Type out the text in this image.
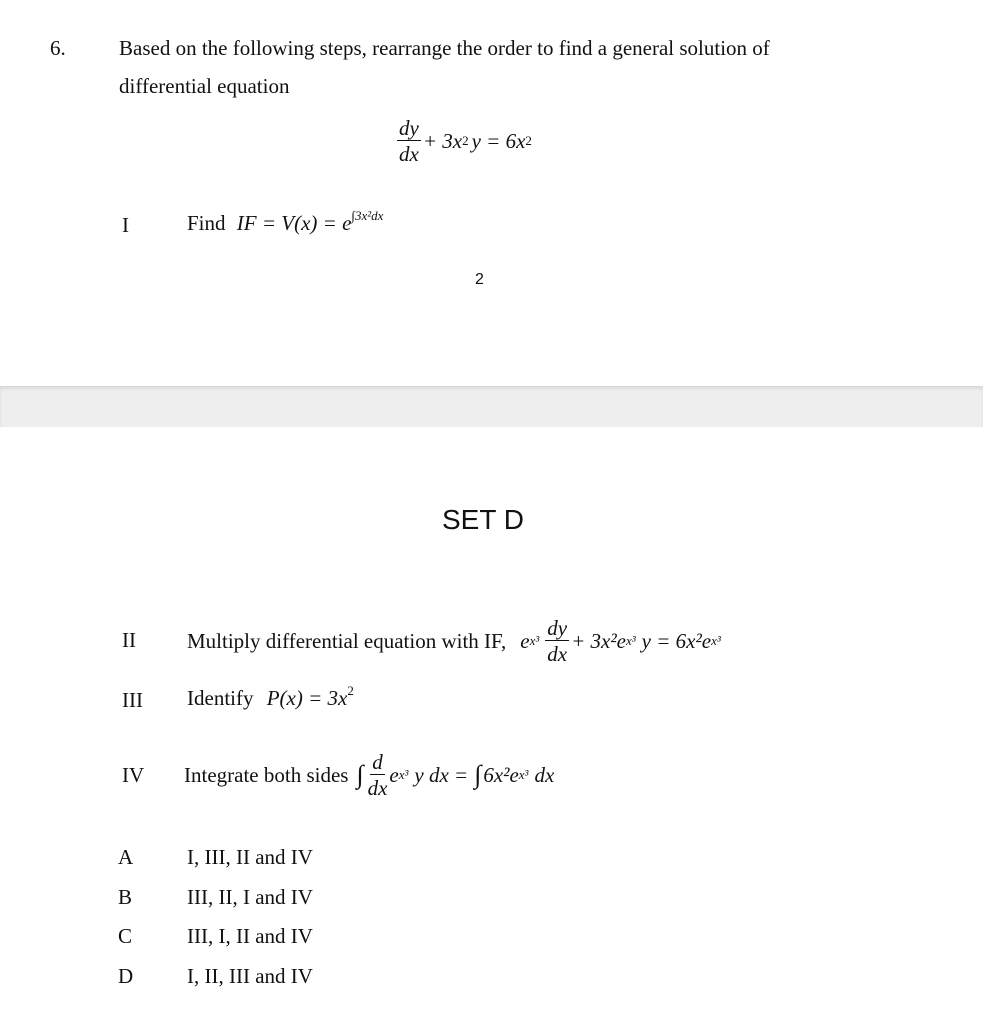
6.	Based on the following steps, rearrange the order to find a general solution of
differential equation
$\frac{dy}{dx} + 3x$ 2 y = 6x 2
I	Find IF = $V(x) = e^{\int 3x^2dx}$
2
SET D
II Multiply differential equation with IF, e $x^3 \frac{dy}{dx} + 3x^2e$ x³ y = 6x²e x³
III Identify $P(x) = 3x^2$
IV Integrate both sides ∫ $\frac{d}{dx}$ e x³ y dx = ∫ 6x²e x³ dx
A	I, III, II and IV
B	III, II, I and IV
C	III, I, II and IV
D	I, II, III and IV
